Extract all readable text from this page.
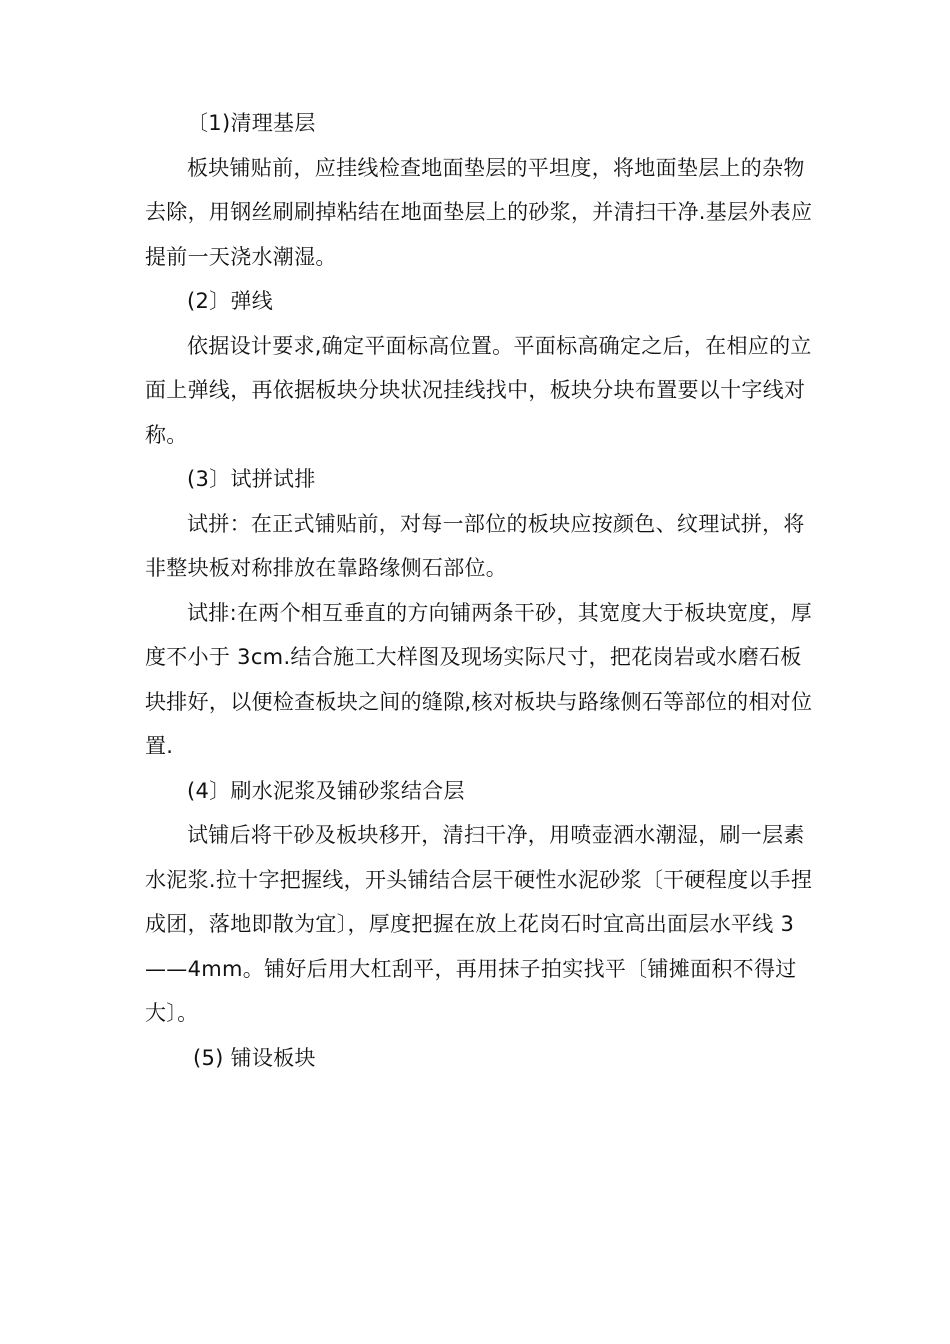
〔1)清理基层

板块铺贴前，应挂线检查地面垫层的平坦度，将地面垫层上的杂物去除，用钢丝刷刷掉粘结在地面垫层上的砂浆，并清扫干净.基层外表应提前一天浇水潮湿。

(2〕弹线

依据设计要求,确定平面标高位置。平面标高确定之后，在相应的立面上弹线，再依据板块分块状况挂线找中，板块分块布置要以十字线对称。

(3〕试拼试排

试拼：在正式铺贴前，对每一部位的板块应按颜色、纹理试拼，将非整块板对称排放在靠路缘侧石部位。

试排:在两个相互垂直的方向铺两条干砂，其宽度大于板块宽度，厚度不小于 3cm.结合施工大样图及现场实际尺寸，把花岗岩或水磨石板块排好，以便检查板块之间的缝隙,核对板块与路缘侧石等部位的相对位置.

(4〕刷水泥浆及铺砂浆结合层

试铺后将干砂及板块移开，清扫干净，用喷壶洒水潮湿，刷一层素水泥浆.拉十字把握线，开头铺结合层干硬性水泥砂浆〔干硬程度以手捏成团，落地即散为宜〕，厚度把握在放上花岗石时宜高出面层水平线 3——4mm。铺好后用大杠刮平，再用抹子拍实找平〔铺摊面积不得过大〕。

(5) 铺设板块
